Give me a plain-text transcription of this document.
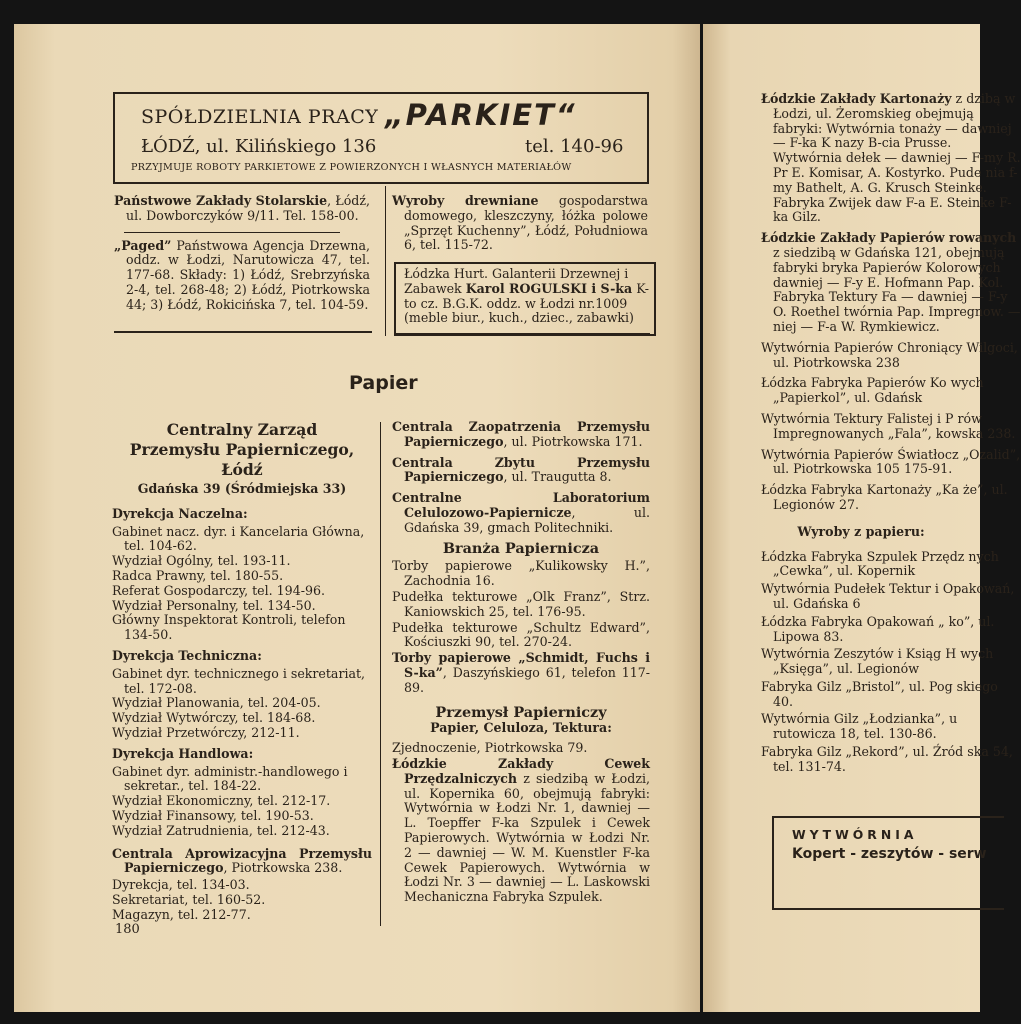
SPÓŁDZIELNIA PRACY „PARKIET“
ŁÓDŹ, ul. Kilińskiego 136	tel. 140-96
PRZYJMUJE ROBOTY PARKIETOWE Z POWIERZONYCH I WŁASNYCH MATERIAŁÓW

Państwowe Zakłady Stolarskie, Łódź, ul. Dowborczyków 9/11. Tel. 158-00.

„Paged” Państwowa Agencja Drzewna, oddz. w Łodzi, Narutowicza 47, tel. 177-68. Składy: 1) Łódź, Srebrzyńska 2-4, tel. 268-48; 2) Łódź, Piotrkowska 44; 3) Łódź, Rokicińska 7, tel. 104-59.

Wyroby drewniane gospodarstwa domowego, kleszczyny, łóżka polowe „Sprzęt Kuchenny”, Łódź, Południowa 6, tel. 115-72.

Łódzka Hurt. Galanterii Drzewnej i Zabawek Karol ROGULSKI i S-ka K-to cz. B.G.K. oddz. w Łodzi nr.1009 (meble biur., kuch., dziec., zabawki)

Papier
Centralny Zarząd Przemysłu Papierniczego, Łódź
Gdańska 39 (Śródmiejska 33)
Dyrekcja Naczelna:

Gabinet nacz. dyr. i Kancelaria Główna, tel. 104-62.

Wydział Ogólny, tel. 193-11.

Radca Prawny, tel. 180-55.

Referat Gospodarczy, tel. 194-96.

Wydział Personalny, tel. 134-50.

Główny Inspektorat Kontroli, telefon 134-50.

Dyrekcja Techniczna:

Gabinet dyr. technicznego i sekretariat, tel. 172-08.

Wydział Planowania, tel. 204-05.

Wydział Wytwórczy, tel. 184-68.

Wydział Przetwórczy, 212-11.

Dyrekcja Handlowa:

Gabinet dyr. administr.-handlowego i sekretar., tel. 184-22.

Wydział Ekonomiczny, tel. 212-17.

Wydział Finansowy, tel. 190-53.

Wydział Zatrudnienia, tel. 212-43.

Centrala Aprowizacyjna Przemysłu Papierniczego, Piotrkowska 238.

Dyrekcja, tel. 134-03.

Sekretariat, tel. 160-52.

Magazyn, tel. 212-77.

Centrala Zaopatrzenia Przemysłu Papierniczego, ul. Piotrkowska 171.

Centrala Zbytu Przemysłu Papierniczego, ul. Traugutta 8.

Centralne Laboratorium Celulozowo-Papiernicze, ul. Gdańska 39, gmach Politechniki.

Branża Papiernicza

Torby papierowe „Kulikowsky H.”, Zachodnia 16.

Pudełka tekturowe „Olk Franz”, Strz. Kaniowskich 25, tel. 176-95.

Pudełka tekturowe „Schultz Edward”, Kościuszki 90, tel. 270-24.

Torby papierowe „Schmidt, Fuchs i S-ka”, Daszyńskiego 61, telefon 117-89.

Przemysł Papierniczy
Papier, Celuloza, Tektura:

Zjednoczenie, Piotrkowska 79.

Łódzkie Zakłady Cewek Przędzalniczych z siedzibą w Łodzi, ul. Kopernika 60, obejmują fabryki: Wytwórnia w Łodzi Nr. 1, dawniej — L. Toepffer F-ka Szpulek i Cewek Papierowych. Wytwórnia w Łodzi Nr. 2 — dawniej — W. M. Kuenstler F-ka Cewek Papierowych. Wytwórnia w Łodzi Nr. 3 — dawniej — L. Laskowski Mechaniczna Fabryka Szpulek.

180

Łódzkie Zakłady Kartonaży z dzibą w Łodzi, ul. Żeromskieg obejmują fabryki: Wytwórnia tonaży — dawniej — F-ka K nazy B-cia Prusse. Wytwórnia dełek — dawniej — F-my R. Pr E. Komisar, A. Kostyrko. Pude nia f-my Bathelt, A. G. Krusch Steinke. Fabryka Zwijek daw F-a E. Steinke F-ka Gilz.

Łódzkie Zakłady Papierów rowanych z siedzibą w Gdańska 121, obejmują fabryki bryka Papierów Kolorowych dawniej — F-y E. Hofmann Pap. Kol. Fabryka Tektury Fa — dawniej — F-y O. Roethel twórnia Pap. Impregnow. — niej — F-a W. Rymkiewicz.

Wytwórnia Papierów Chroniący Wilgoci, ul. Piotrkowska 238

Łódzka Fabryka Papierów Ko wych „Papierkol”, ul. Gdańsk

Wytwórnia Tektury Falistej i P rów Impregnowanych „Fala”, kowska 238.

Wytwórnia Papierów Światłocz „Ozalid”, ul. Piotrkowska 105 175-91.

Łódzka Fabryka Kartonaży „Ka że”, ul. Legionów 27.

Wyroby z papieru:

Łódzka Fabryka Szpulek Przędz nych „Cewka”, ul. Kopernik

Wytwórnia Pudełek Tektur i Opakowań, ul. Gdańska 6

Łódzka Fabryka Opakowań „ ko”, ul. Lipowa 83.

Wytwórnia Zeszytów i Ksiąg H wych „Księga”, ul. Legionów

Fabryka Gilz „Bristol”, ul. Pog skiego 40.

Wytwórnia Gilz „Łodzianka”, u rutowicza 18, tel. 130-86.

Fabryka Gilz „Rekord”, ul. Źród ska 54, tel. 131-74.

WYTWÓRNIA
Kopert - zeszytów - serw
